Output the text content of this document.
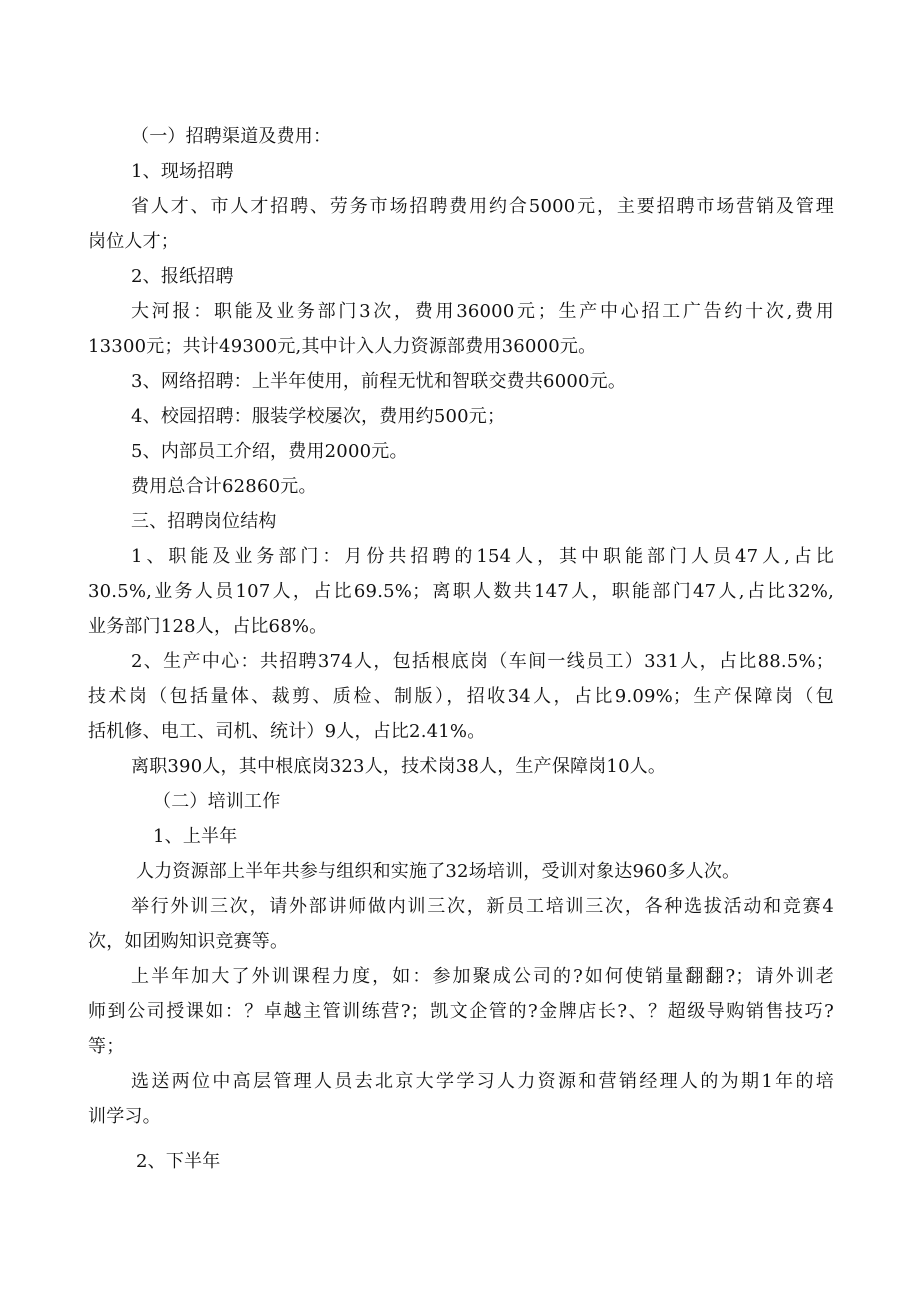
（一）招聘渠道及费用：

1、现场招聘

省人才、市人才招聘、劳务市场招聘费用约合5000元，主要招聘市场营销及管理

岗位人才；

2、报纸招聘

大河报：职能及业务部门3次，费用36000元；生产中心招工广告约十次,费用

13300元；共计49300元,其中计入人力资源部费用36000元。

3、网络招聘：上半年使用，前程无忧和智联交费共6000元。

4、校园招聘：服装学校屡次，费用约500元；

5、内部员工介绍，费用2000元。

费用总合计62860元。

三、招聘岗位结构

1、职能及业务部门：月份共招聘的154人，其中职能部门人员47人,占比

30.5%,业务人员107人，占比69.5%；离职人数共147人，职能部门47人,占比32%,

业务部门128人，占比68%。

2、生产中心：共招聘374人，包括根底岗（车间一线员工）331人，占比88.5%；

技术岗（包括量体、裁剪、质检、制版），招收34人，占比9.09%；生产保障岗（包

括机修、电工、司机、统计）9人，占比2.41%。

离职390人，其中根底岗323人，技术岗38人，生产保障岗10人。

（二）培训工作

1、上半年

人力资源部上半年共参与组织和实施了32场培训，受训对象达960多人次。

举行外训三次，请外部讲师做内训三次，新员工培训三次，各种选拔活动和竞赛4

次，如团购知识竞赛等。

上半年加大了外训课程力度，如：参加聚成公司的?如何使销量翻翻?；请外训老

师到公司授课如：？卓越主管训练营?；凯文企管的?金牌店长?、？超级导购销售技巧?

等；

选送两位中高层管理人员去北京大学学习人力资源和营销经理人的为期1年的培

训学习。

2、下半年
